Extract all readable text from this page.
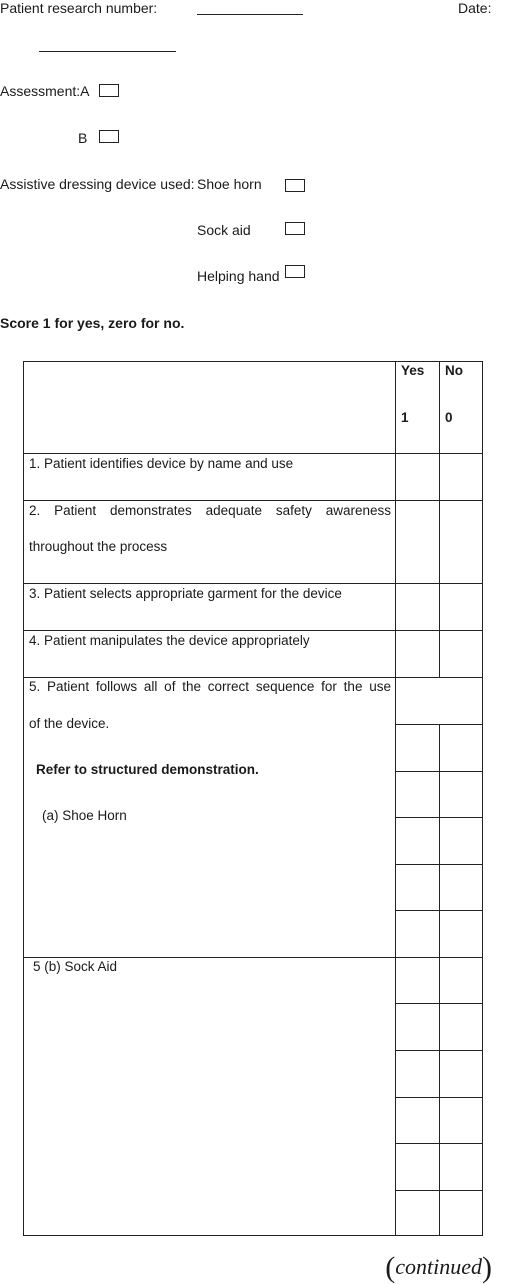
Patient research number:	Date:
Assessment:A
B
Assistive dressing device used: Shoe horn
Sock aid
Helping hand
Score 1 for yes, zero for no.
Yes No
1	0
1. Patient identifies device by name and use
2. Patient demonstrates adequate safety awareness
throughout the process
3. Patient selects appropriate garment for the device
4. Patient manipulates the device appropriately
5. Patient follows all of the correct sequence for the use
of the device.
Refer to structured demonstration.
(a) Shoe Horn
5 (b) Sock Aid
(continued)
